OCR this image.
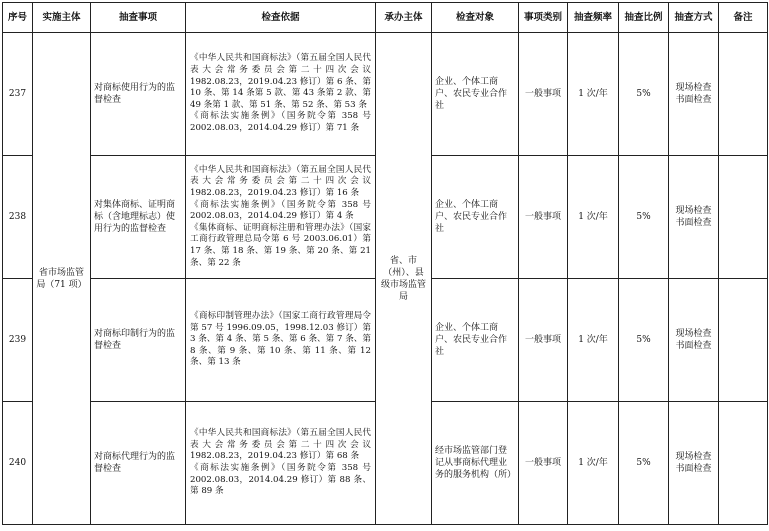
序号	实施主体	抽查事项	检查依据	承办主体	检查对象	事项类别	抽查频率	抽查比例	抽查方式	备注
237	省市场监管局（71 项）	对商标使用行为的监督检查	《中华人民共和国商标法》（第五届全国人民代表大会常务委员会第二十四次会议 1982.08.23，2019.04.23 修订）第 6 条、第 10 条、第 14 条第 5 款、第 43 条第 2 款、第 49 条第 1 款、第 51 条、第 52 条、第 53 条
《商标法实施条例》（国务院令第 358 号 2002.08.03，2014.04.29 修订）第 71 条	省、市（州）、县级市场监管局	企业、个体工商户、农民专业合作社	一般事项	1 次/年	5%	现场检查书面检查	
238		对集体商标、证明商标（含地理标志）使用行为的监督检查	《中华人民共和国商标法》（第五届全国人民代表大会常务委员会第二十四次会议 1982.08.23，2019.04.23 修订）第 16 条
《商标法实施条例》（国务院令第 358 号 2002.08.03，2014.04.29 修订）第 4 条
《集体商标、证明商标注册和管理办法》（国家工商行政管理总局令第 6 号 2003.06.01）第 17 条、第 18 条、第 19 条、第 20 条、第 21 条、第 22 条		企业、个体工商户、农民专业合作社	一般事项	1 次/年	5%	现场检查书面检查	
239		对商标印制行为的监督检查	《商标印制管理办法》（国家工商行政管理局令第 57 号 1996.09.05，1998.12.03 修订）第 3 条、第 4 条、第 5 条、第 6 条、第 7 条、第 8 条、第 9 条、第 10 条、第 11 条、第 12 条、第 13 条		企业、个体工商户、农民专业合作社	一般事项	1 次/年	5%	现场检查书面检查	
240		对商标代理行为的监督检查	《中华人民共和国商标法》（第五届全国人民代表大会常务委员会第二十四次会议 1982.08.23，2019.04.23 修订）第 68 条
《商标法实施条例》（国务院令第 358 号 2002.08.03，2014.04.29 修订）第 88 条、第 89 条		经市场监管部门登记从事商标代理业务的服务机构（所）	一般事项	1 次/年	5%	现场检查书面检查	
